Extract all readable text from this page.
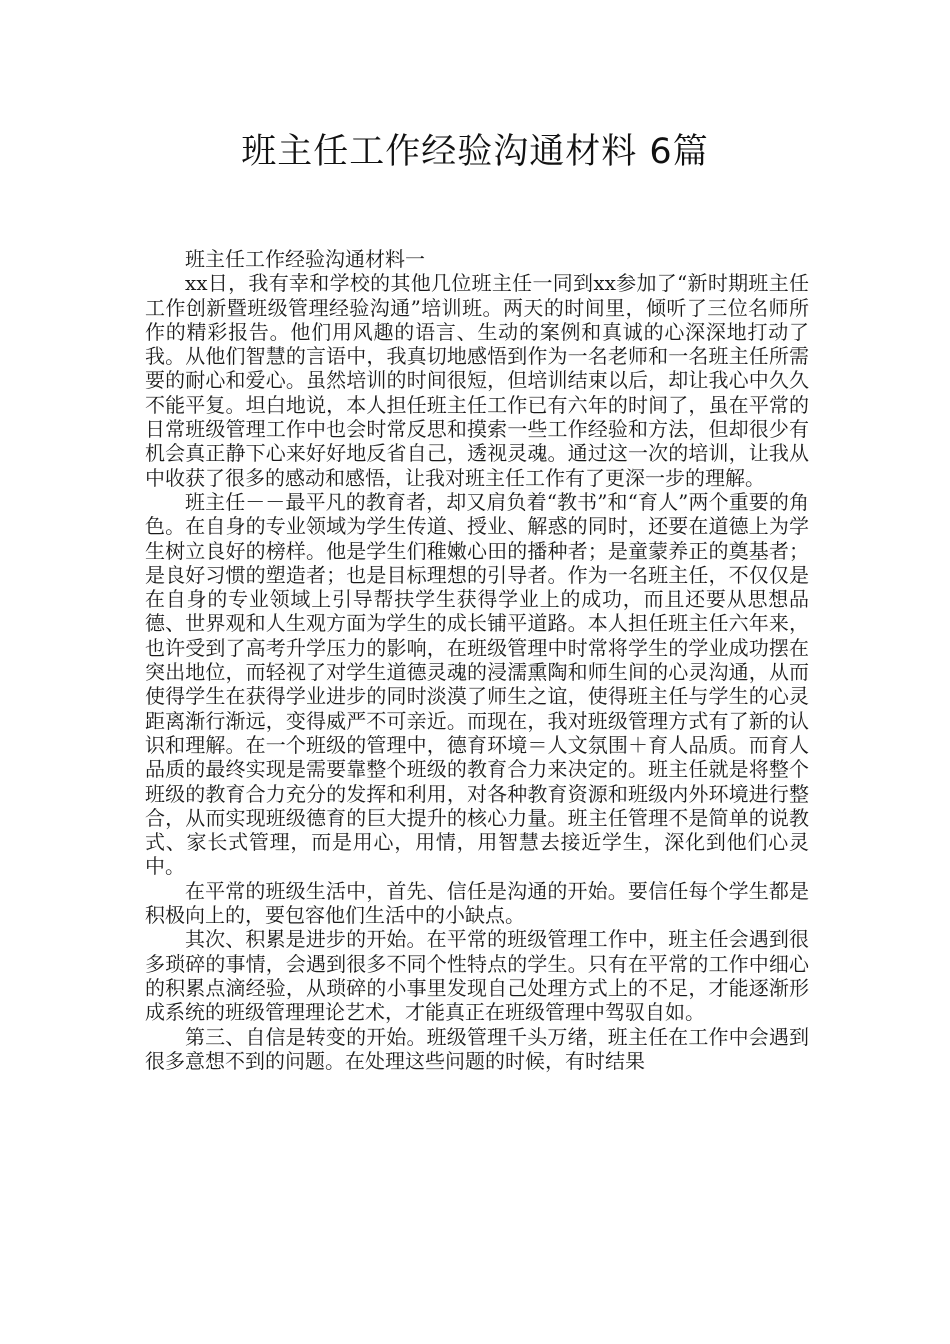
班主任工作经验沟通材料 6篇

班主任工作经验沟通材料一

xx日，我有幸和学校的其他几位班主任一同到xx参加了“新时期班主任工作创新暨班级管理经验沟通”培训班。两天的时间里，倾听了三位名师所作的精彩报告。他们用风趣的语言、生动的案例和真诚的心深深地打动了我。从他们智慧的言语中，我真切地感悟到作为一名老师和一名班主任所需要的耐心和爱心。虽然培训的时间很短，但培训结束以后，却让我心中久久不能平复。坦白地说，本人担任班主任工作已有六年的时间了，虽在平常的日常班级管理工作中也会时常反思和摸索一些工作经验和方法，但却很少有机会真正静下心来好好地反省自己，透视灵魂。通过这一次的培训，让我从中收获了很多的感动和感悟，让我对班主任工作有了更深一步的理解。

班主任－－最平凡的教育者，却又肩负着“教书”和“育人”两个重要的角色。在自身的专业领域为学生传道、授业、解惑的同时，还要在道德上为学生树立良好的榜样。他是学生们稚嫩心田的播种者；是童蒙养正的奠基者；是良好习惯的塑造者；也是目标理想的引导者。作为一名班主任，不仅仅是在自身的专业领域上引导帮扶学生获得学业上的成功，而且还要从思想品德、世界观和人生观方面为学生的成长铺平道路。本人担任班主任六年来，也许受到了高考升学压力的影响，在班级管理中时常将学生的学业成功摆在突出地位，而轻视了对学生道德灵魂的浸濡熏陶和师生间的心灵沟通，从而使得学生在获得学业进步的同时淡漠了师生之谊，使得班主任与学生的心灵距离渐行渐远，变得威严不可亲近。而现在，我对班级管理方式有了新的认识和理解。在一个班级的管理中，德育环境＝人文氛围＋育人品质。而育人品质的最终实现是需要靠整个班级的教育合力来决定的。班主任就是将整个班级的教育合力充分的发挥和利用，对各种教育资源和班级内外环境进行整合，从而实现班级德育的巨大提升的核心力量。班主任管理不是简单的说教式、家长式管理，而是用心，用情，用智慧去接近学生，深化到他们心灵中。

在平常的班级生活中，首先、信任是沟通的开始。要信任每个学生都是积极向上的，要包容他们生活中的小缺点。

其次、积累是进步的开始。在平常的班级管理工作中，班主任会遇到很多琐碎的事情，会遇到很多不同个性特点的学生。只有在平常的工作中细心的积累点滴经验，从琐碎的小事里发现自己处理方式上的不足，才能逐渐形成系统的班级管理理论艺术，才能真正在班级管理中驾驭自如。

第三、自信是转变的开始。班级管理千头万绪，班主任在工作中会遇到很多意想不到的问题。在处理这些问题的时候，有时结果
